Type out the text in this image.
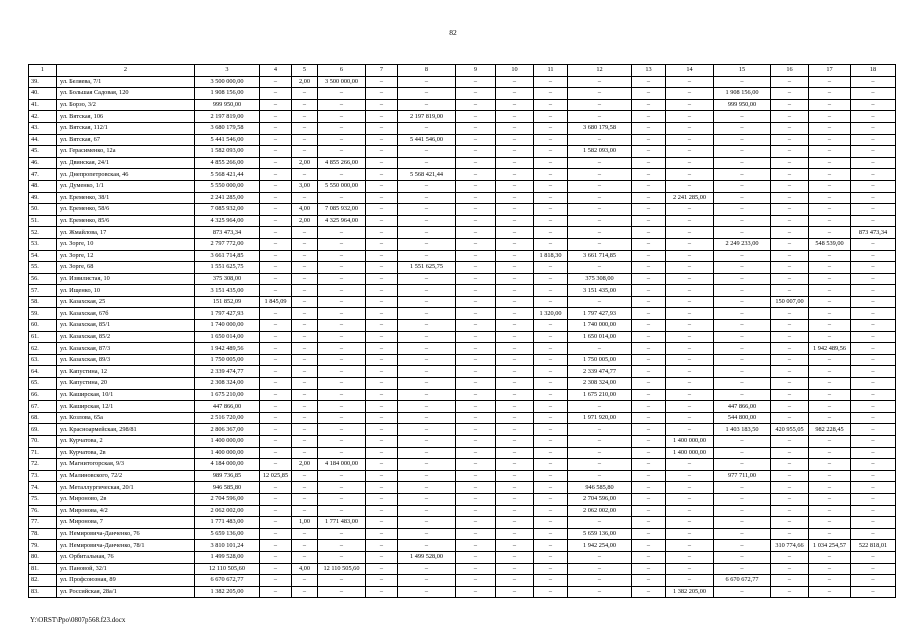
82
1	2	3	4	5	6	7	8	9	10	11	12	13	14	15	16	17	18
39.	ул. Беляева, 7/1	3 500 000,00	–	2,00	3 500 000,00	–	–	–	–	–	–	–	–	–	–	–	–
40.	ул. Большая Садовая, 120	1 908 156,00	–	–	–	–	–	–	–	–	–	–	–	1 908 156,00	–	–	–
41.	ул. Борзо, 3/2	999 950,00	–	–	–	–	–	–	–	–	–	–	–	999 950,00	–	–	–
42.	ул. Вятская, 106	2 197 819,00	–	–	–	–	2 197 819,00	–	–	–	–	–	–	–	–	–	–
43.	ул. Вятская, 112/1	3 680 179,58	–	–	–	–	–	–	–	–	3 680 179,58	–	–	–	–	–	–
44.	ул. Вятская, 67	5 441 546,00	–	–	–	–	5 441 546,00	–	–	–	–	–	–	–	–	–	–
45.	ул. Герасименко, 12а	1 582 093,00	–	–	–	–	–	–	–	–	1 582 093,00	–	–	–	–	–	–
46.	ул. Двинская, 24/1	4 855 266,00	–	2,00	4 855 266,00	–	–	–	–	–	–	–	–	–	–	–	–
47.	ул. Днепропетровская, 46	5 568 421,44	–	–	–	–	5 568 421,44	–	–	–	–	–	–	–	–	–	–
48.	ул. Думенко, 1/1	5 550 000,00	–	3,00	5 550 000,00	–	–	–	–	–	–	–	–	–	–	–	–
49.	ул. Еременко, 38/1	2 241 285,00	–	–	–	–	–	–	–	–	–	–	2 241 285,00	–	–	–	–
50.	ул. Еременко, 58/6	7 085 932,00	–	4,00	7 085 932,00	–	–	–	–	–	–	–	–	–	–	–	–
51.	ул. Еременко, 85/6	4 325 964,00	–	2,00	4 325 964,00	–	–	–	–	–	–	–	–	–	–	–	–
52.	ул. Жмайлова, 17	873 473,34	–	–	–	–	–	–	–	–	–	–	–	–	–	–	873 473,34
53.	ул. Зорге, 10	2 797 772,00	–	–	–	–	–	–	–	–	–	–	–	2 249 233,00	–	548 539,00	–
54.	ул. Зорге, 12	3 661 714,85	–	–	–	–	–	–	–	1 818,30	3 661 714,85	–	–	–	–	–	–
55.	ул. Зорге, 68	1 551 625,75	–	–	–	–	1 551 625,75	–	–	–	–	–	–	–	–	–	–
56.	ул. Извилистая, 10	375 308,00	–	–	–	–	–	–	–	–	375 308,00	–	–	–	–	–	–
57.	ул. Ищенко, 10	3 151 435,00	–	–	–	–	–	–	–	–	3 151 435,00	–	–	–	–	–	–
58.	ул. Казахская, 25	151 852,09	1 845,09	–	–	–	–	–	–	–	–	–	–	–	150 007,00	–	–
59.	ул. Казахская, 67б	1 797 427,93	–	–	–	–	–	–	–	1 320,00	1 797 427,93	–	–	–	–	–	–
60.	ул. Казахская, 85/1	1 740 000,00	–	–	–	–	–	–	–	–	1 740 000,00	–	–	–	–	–	–
61.	ул. Казахская, 85/2	1 650 014,00	–	–	–	–	–	–	–	–	1 650 014,00	–	–	–	–	–	–
62.	ул. Казахская, 87/3	1 942 489,56	–	–	–	–	–	–	–	–	–	–	–	–	–	1 942 489,56	–
63.	ул. Казахская, 89/3	1 750 005,00	–	–	–	–	–	–	–	–	1 750 005,00	–	–	–	–	–	–
64.	ул. Капустина, 12	2 339 474,77	–	–	–	–	–	–	–	–	2 339 474,77	–	–	–	–	–	–
65.	ул. Капустина, 20	2 308 324,00	–	–	–	–	–	–	–	–	2 308 324,00	–	–	–	–	–	–
66.	ул. Каширская, 10/1	1 675 210,00	–	–	–	–	–	–	–	–	1 675 210,00	–	–	–	–	–	–
67.	ул. Каширская, 12/1	447 866,00	–	–	–	–	–	–	–	–	–	–	–	447 866,00	–	–	–
68.	ул. Козлова, 65а	2 516 720,00	–	–	–	–	–	–	–	–	1 971 920,00	–	–	544 800,00	–	–	–
69.	ул. Красноармейская, 298/81	2 806 367,00	–	–	–	–	–	–	–	–	–	–	–	1 403 183,50	420 955,05	982 228,45	–
70.	ул. Курчатова, 2	1 400 000,00	–	–	–	–	–	–	–	–	–	–	1 400 000,00	–	–	–	–
71.	ул. Курчатова, 2в	1 400 000,00	–	–	–	–	–	–	–	–	–	–	1 400 000,00	–	–	–	–
72.	ул. Магнитогорская, 9/3	4 184 000,00	–	2,00	4 184 000,00	–	–	–	–	–	–	–	–	–	–	–	–
73.	ул. Малиновского, 72/2	989 736,85	12 025,85	–	–	–	–	–	–	–	–	–	–	977 711,00	–	–	–
74.	ул. Металлургическая, 20/1	946 585,80	–	–	–	–	–	–	–	–	946 585,80	–	–	–	–	–	–
75.	ул. Мироново, 2в	2 704 596,00	–	–	–	–	–	–	–	–	2 704 596,00	–	–	–	–	–	–
76.	ул. Миронова, 4/2	2 062 002,00	–	–	–	–	–	–	–	–	2 062 002,00	–	–	–	–	–	–
77.	ул. Миронова, 7	1 771 483,00	–	1,00	1 771 483,00	–	–	–	–	–	–	–	–	–	–	–	–
78.	ул. Немировича-Данченко, 76	5 659 136,00	–	–	–	–	–	–	–	–	5 659 136,00	–	–	–	–	–	–
79.	ул. Немировича-Данченко, 78/1	3 810 101,24	–	–	–	–	–	–	–	–	1 942 254,00	–	–	–	310 774,66	1 034 254,57	522 818,01
80.	ул. Орбитальная, 76	1 499 528,00	–	–	–	–	1 499 528,00	–	–	–	–	–	–	–	–	–	–
81.	ул. Пановой, 32/1	12 110 505,60	–	4,00	12 110 505,60	–	–	–	–	–	–	–	–	–	–	–	–
82.	ул. Профсоюзная, 89	6 670 672,77	–	–	–	–	–	–	–	–	–	–	–	6 670 672,77	–	–	–
83.	ул. Российская, 28а/1	1 382 205,00	–	–	–	–	–	–	–	–	–	–	1 382 205,00	–	–	–	–
Y:\ORST\Ppo\0807p568.f23.docx
